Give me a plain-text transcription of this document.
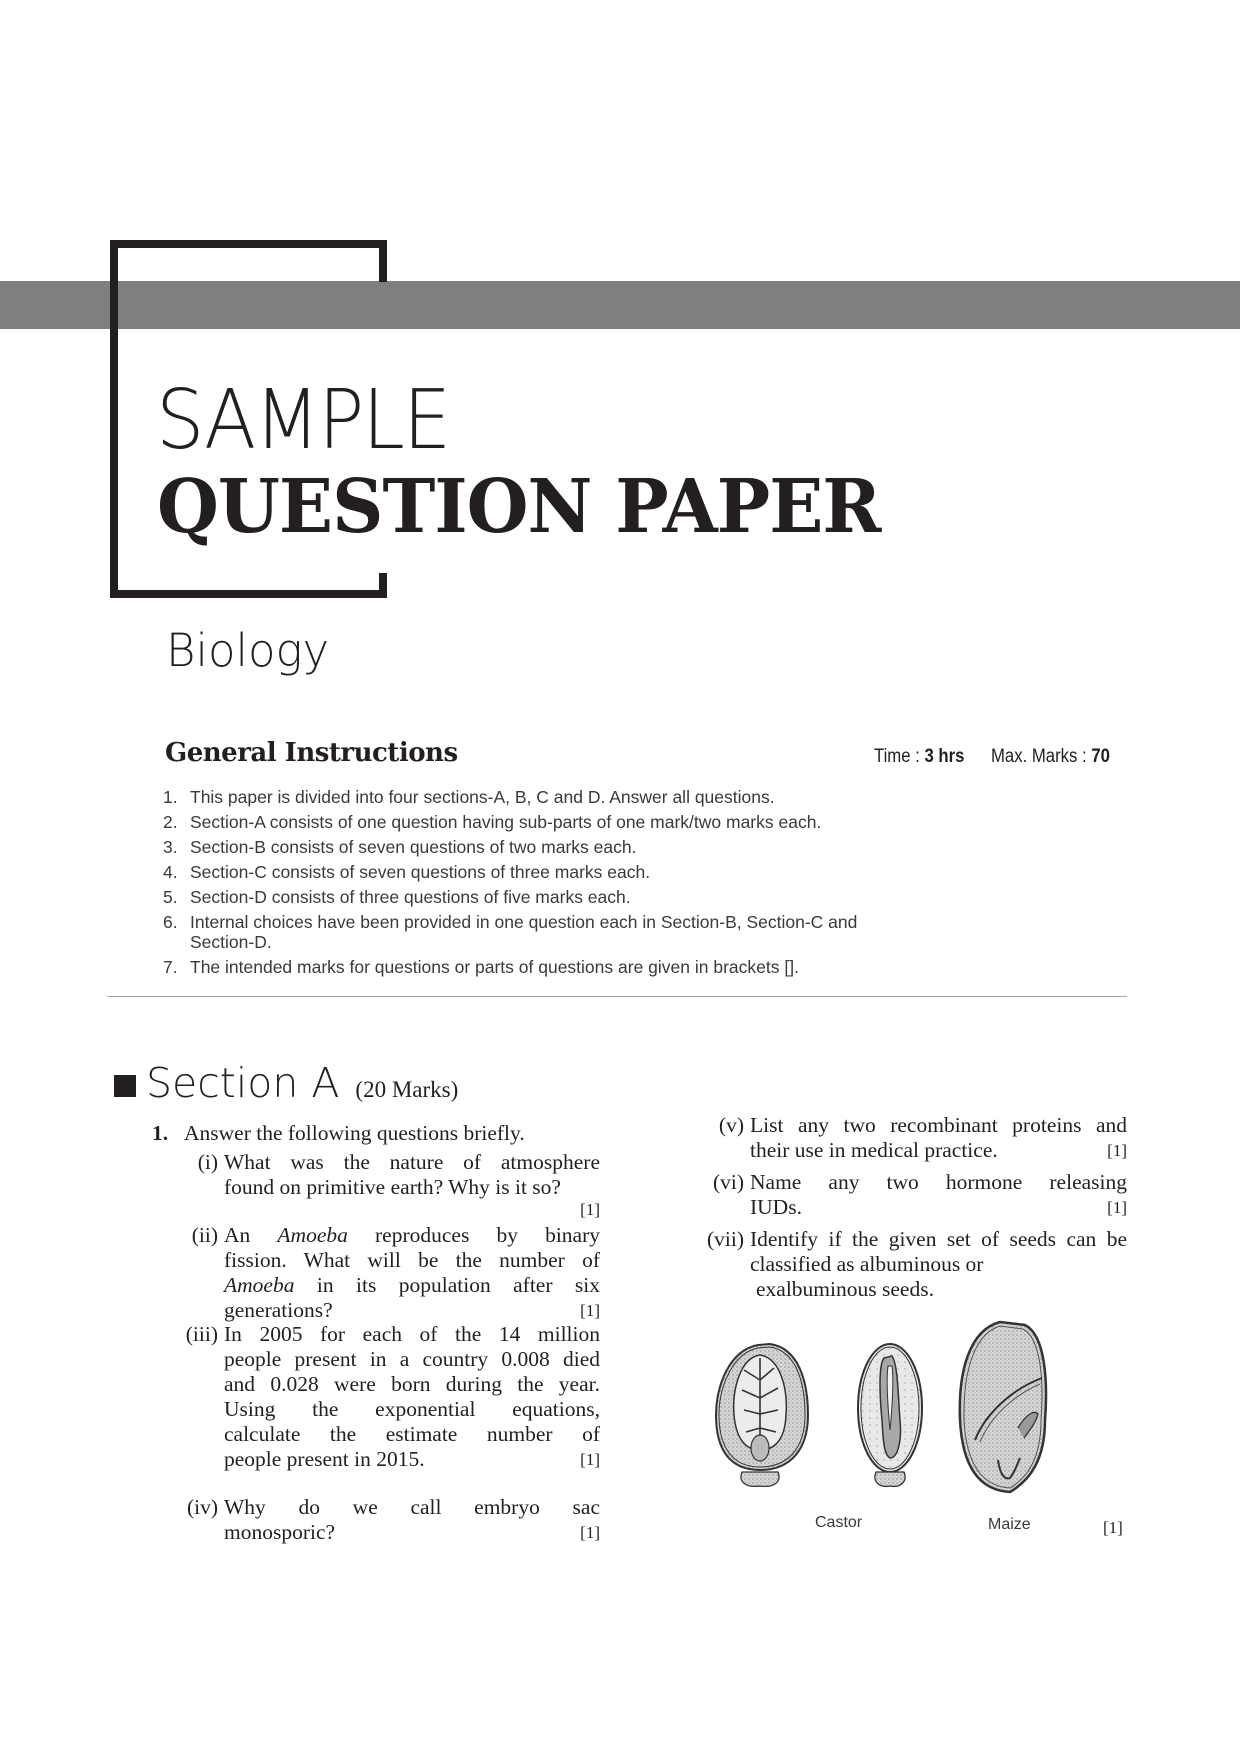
SAMPLE
QUESTION PAPER
Biology
General Instructions	Time : 3 hrs Max. Marks : 70
1. This paper is divided into four sections-A, B, C and D. Answer all questions.
2. Section-A consists of one question having sub-parts of one mark/two marks each.
3. Section-B consists of seven questions of two marks each.
4. Section-C consists of seven questions of three marks each.
5. Section-D consists of three questions of five marks each.
6. Internal choices have been provided in one question each in Section-B, Section-C and Section-D.
7. The intended marks for questions or parts of questions are given in brackets [].
Section A (20 Marks)
1. Answer the following questions briefly.
(i) What was the nature of atmosphere
found on primitive earth? Why is it so?
[1]
(ii) An Amoeba reproduces by binary
fission. What will be the number of
Amoeba in its population after six
generations?	[1]
(iii) In 2005 for each of the 14 million
people present in a country 0.008 died
and 0.028 were born during the year.
Using the exponential equations,
calculate the estimate number of
people present in 2015.	[1]
(iv) Why do we call embryo sac
monosporic?	[1]
(v) List any two recombinant proteins and
their use in medical practice.	[1]
(vi) Name any two hormone releasing
IUDs.	[1]
(vii) Identify if the given set of seeds can be
classified as albuminous or
exalbuminous seeds.
Castor	Maize	[1]
